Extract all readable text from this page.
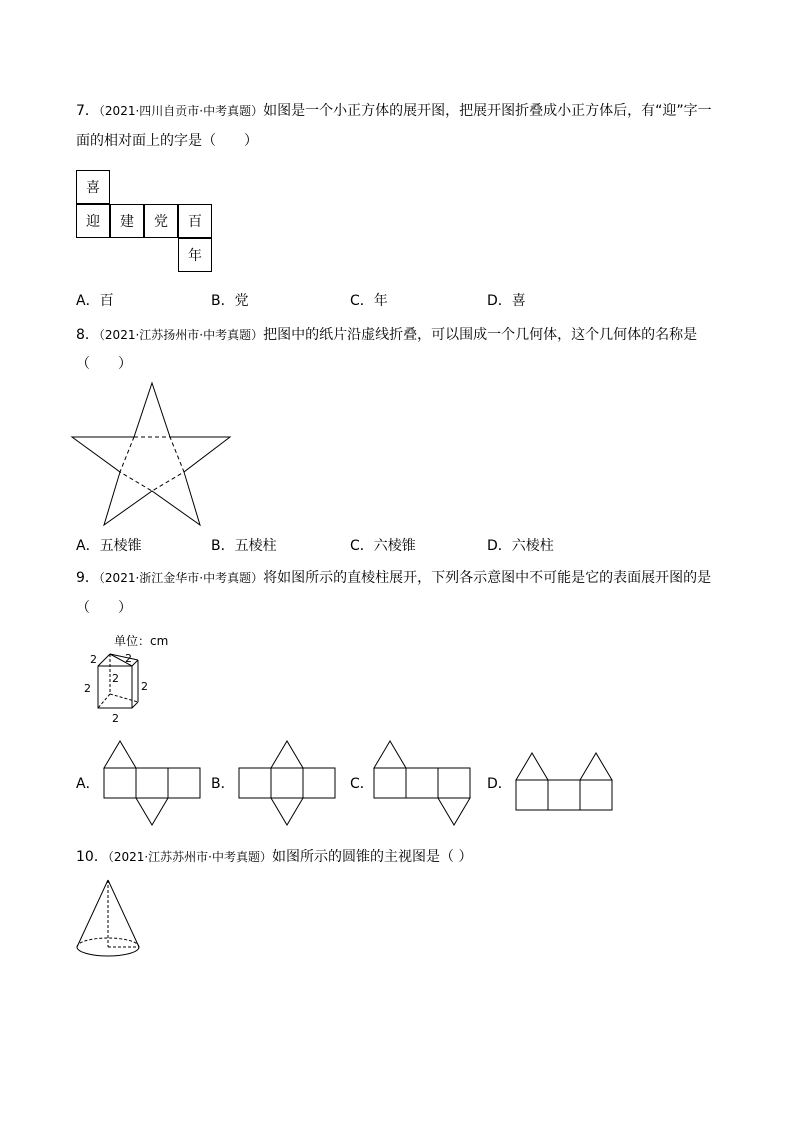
7．（2021·四川自贡市·中考真题）如图是一个小正方体的展开图，把展开图折叠成小正方体后，有“迎”字一
面的相对面上的字是（　　）
喜
迎	建	党	百
年
A．百	B．党	C．年	D．喜
8．（2021·江苏扬州市·中考真题）把图中的纸片沿虚线折叠，可以围成一个几何体，这个几何体的名称是
（　　）
A．五棱锥	B．五棱柱	C．六棱锥	D．六棱柱
9．（2021·浙江金华市·中考真题）将如图所示的直棱柱展开，下列各示意图中不可能是它的表面展开图的是
（　　）
单位：cm
2	2
2
2	2
2
A．	B．	C．	D．
10．（2021·江苏苏州市·中考真题）如图所示的圆锥的主视图是（ ）
